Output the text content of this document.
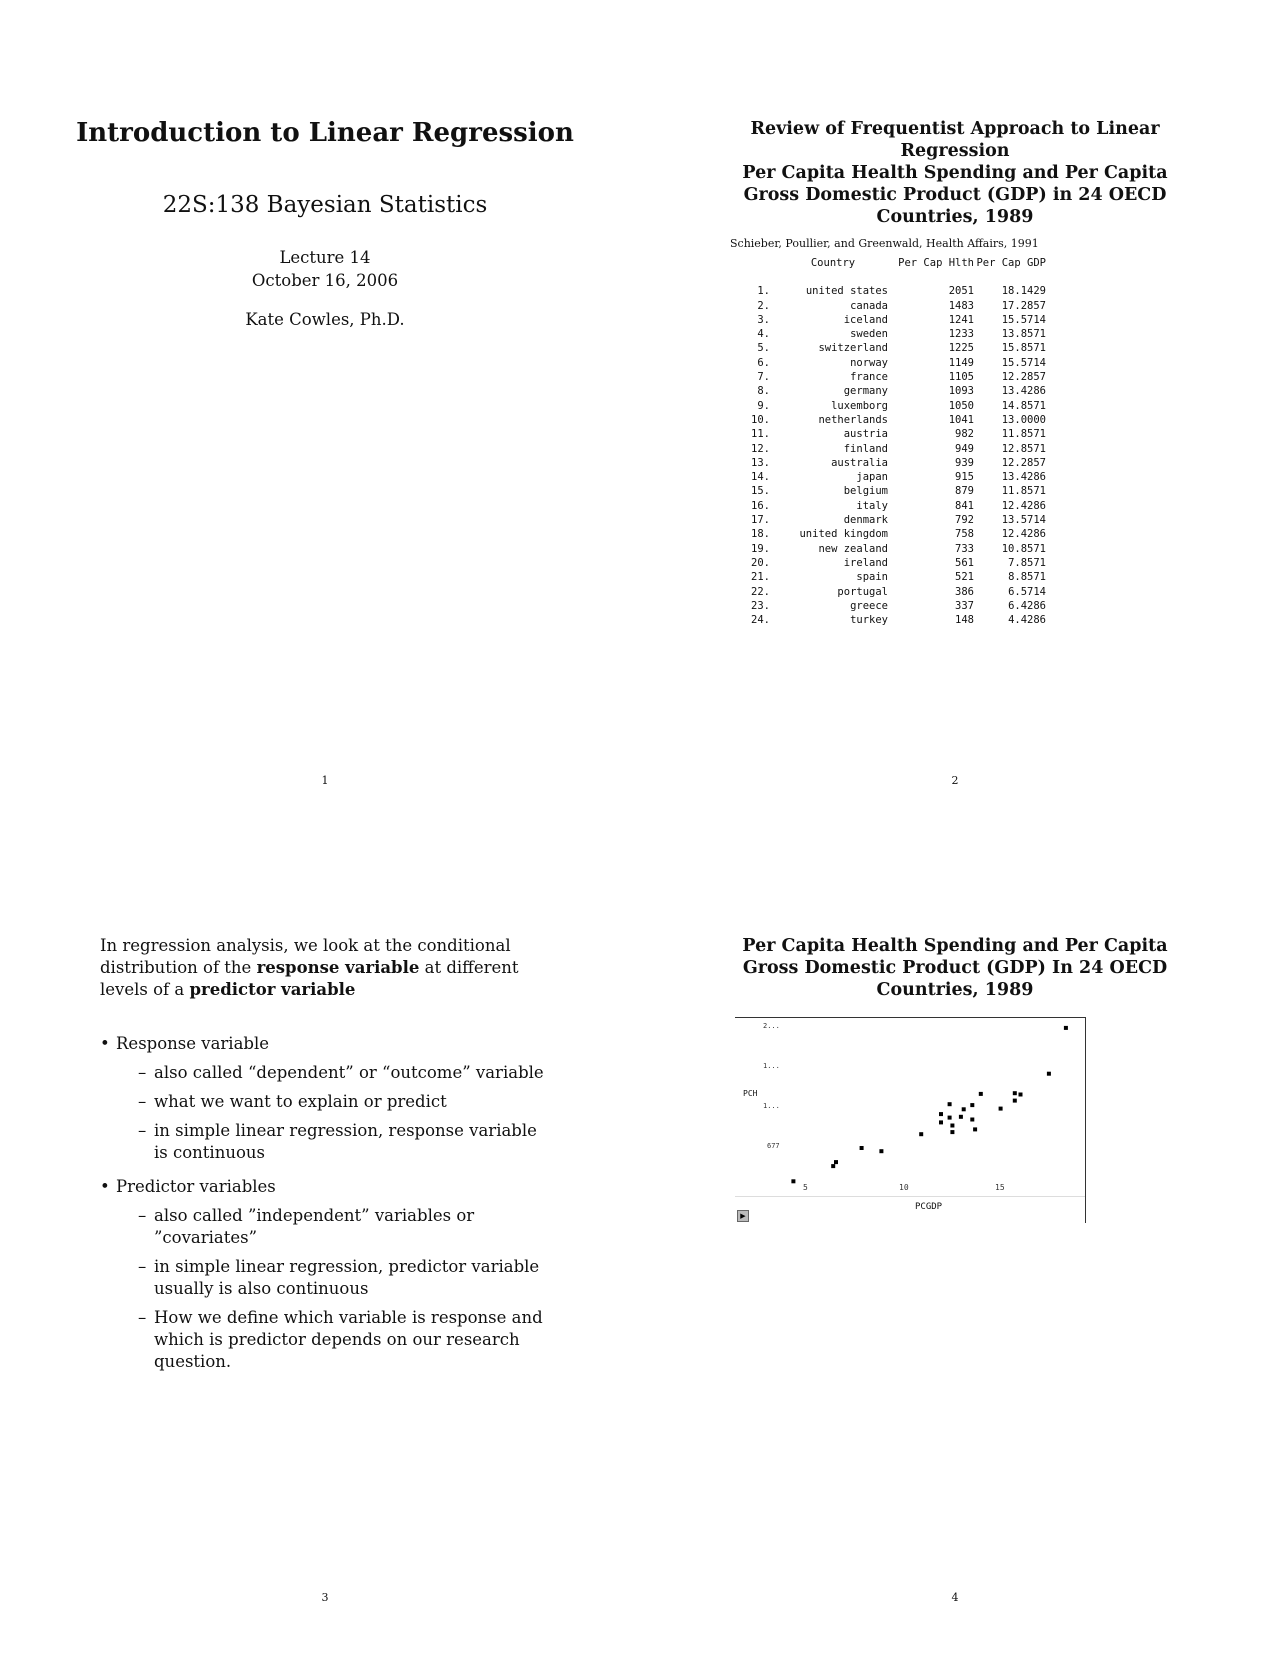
Introduction to Linear Regression
22S:138 Bayesian Statistics
Lecture 14
October 16, 2006
Kate Cowles, Ph.D.
1
Review of Frequentist Approach to Linear Regression
Per Capita Health Spending and Per Capita Gross Domestic Product (GDP) in 24 OECD Countries, 1989
Schieber, Poullier, and Greenwald, Health Affairs, 1991
	Country	Per Cap Hlth	Per Cap GDP
1.	united states	2051	18.1429
2.	canada	1483	17.2857
3.	iceland	1241	15.5714
4.	sweden	1233	13.8571
5.	switzerland	1225	15.8571
6.	norway	1149	15.5714
7.	france	1105	12.2857
8.	germany	1093	13.4286
9.	luxemborg	1050	14.8571
10.	netherlands	1041	13.0000
11.	austria	982	11.8571
12.	finland	949	12.8571
13.	australia	939	12.2857
14.	japan	915	13.4286
15.	belgium	879	11.8571
16.	italy	841	12.4286
17.	denmark	792	13.5714
18.	united kingdom	758	12.4286
19.	new zealand	733	10.8571
20.	ireland	561	7.8571
21.	spain	521	8.8571
22.	portugal	386	6.5714
23.	greece	337	6.4286
24.	turkey	148	4.4286
2

In regression analysis, we look at the conditional distribution of the response variable at different levels of a predictor variable

• Response variable
– also called “dependent” or “outcome” variable
– what we want to explain or predict
– in simple linear regression, response variable is continuous
• Predictor variables
– also called ”independent” variables or ”covariates”
– in simple linear regression, predictor variable usually is also continuous
– How we define which variable is response and which is predictor depends on our research question.
3
Per Capita Health Spending and Per Capita Gross Domestic Product (GDP) In 24 OECD Countries, 1989
2...
1...
1...
677
5	10	15
PCH
PCGDP
▶
4
